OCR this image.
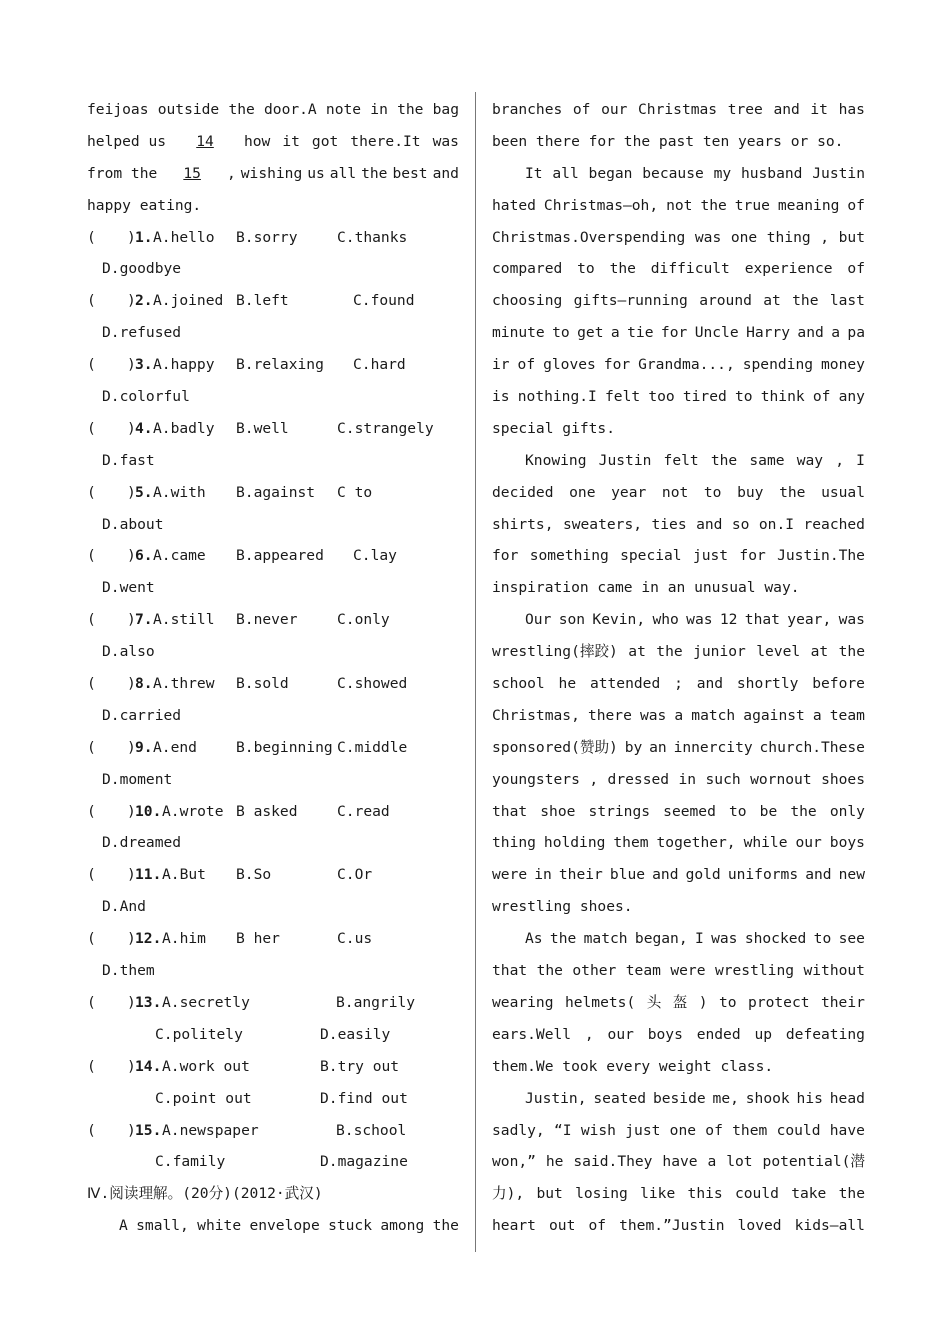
feijoas outside the door.A note in the bag
helped us	14	how it got there.It was
from the	15	, wishing us all the best and
happy eating.
( ) 1. A.hello B.sorry	C.thanks
D.goodbye
( ) 2. A.joined B.left	C.found
D.refused
( ) 3. A.happy B.relaxing C.hard
D.colorful
( ) 4. A.badly B.well	C.strangely
D.fast
( ) 5. A.with B.against C to
D.about
( ) 6. A.came B.appeared C.lay
D.went
( ) 7. A.still B.never	C.only
D.also
( ) 8. A.threw B.sold	C.showed
D.carried
( ) 9. A.end	B.beginning C.middle
D.moment
( ) 10. A.wrote B asked	C.read
D.dreamed
( ) 11. A.But B.So	C.Or
D.And
( ) 12. A.him B her	C.us
D.them
( ) 13. A.secretly	B.angrily
C.politely	D.easily
( ) 14. A.work out	B.try out
C.point out	D.find out
( ) 15. A.newspaper	B.school
C.family	D.magazine
Ⅳ.阅读理解。(20分)(2012·武汉)
A small, white envelope stuck among the
branches of our Christmas tree and it has
been there for the past ten years or so.
It all began because my husband Justin
hated Christmas—oh, not the true meaning of
Christmas.Overspending was one thing , but
compared to the difficult experience of
choosing gifts—running around at the last
minute to get a tie for Uncle Harry and a pa
ir of gloves for Grandma..., spending money
is nothing.I felt too tired to think of any
special gifts.
Knowing Justin felt the same way , I
decided one year not to buy the usual
shirts, sweaters, ties and so on.I reached
for something special just for Justin.The
inspiration came in an unusual way.
Our son Kevin, who was 12 that year, was
wrestling(摔跤) at the junior level at the
school he attended ; and shortly before
Christmas, there was a match against a team
sponsored(赞助) by an innercity church.These
youngsters , dressed in such wornout shoes
that shoe strings seemed to be the only
thing holding them together, while our boys
were in their blue and gold uniforms and new
wrestling shoes.
As the match began, I was shocked to see
that the other team were wrestling without
wearing helmets( 头 盔 ) to protect their
ears.Well , our boys ended up defeating
them.We took every weight class.
Justin, seated beside me, shook his head
sadly, “I wish just one of them could have
won,” he said.They have a lot potential(潜
力), but losing like this could take the
heart out of them.”Justin loved kids—all
